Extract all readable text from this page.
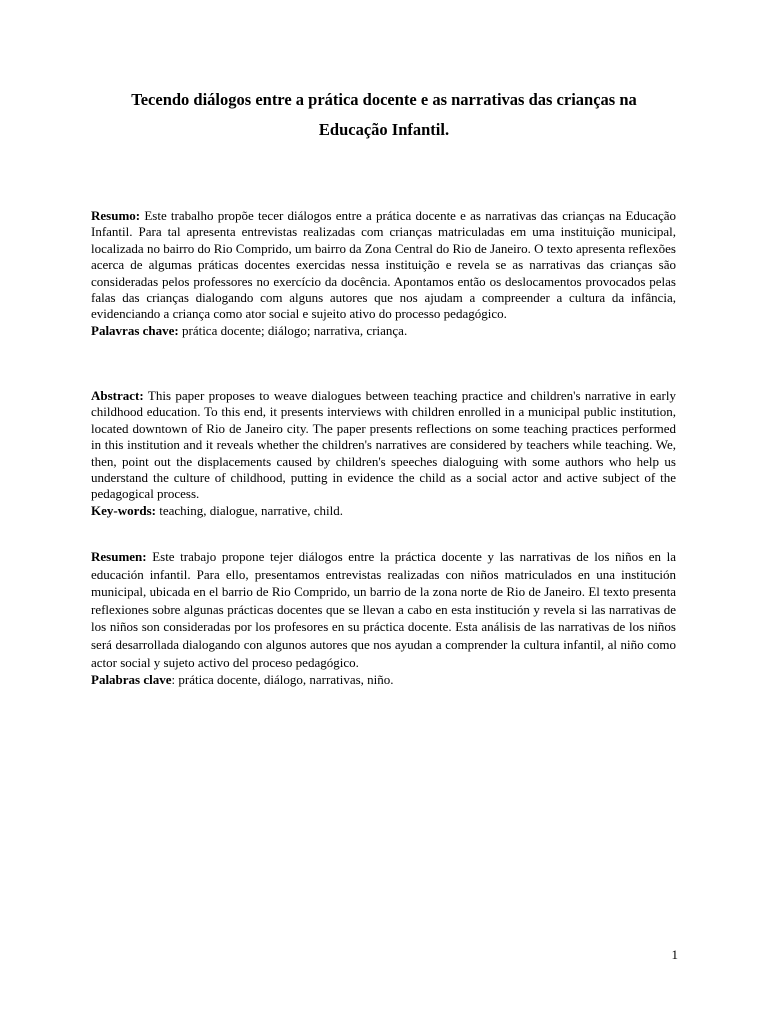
Tecendo diálogos entre a prática docente e as narrativas das crianças na
Educação Infantil.
Resumo: Este trabalho propõe tecer diálogos entre a prática docente e as narrativas das crianças na Educação Infantil. Para tal apresenta entrevistas realizadas com crianças matriculadas em uma instituição municipal, localizada no bairro do Rio Comprido, um bairro da Zona Central do Rio de Janeiro. O texto apresenta reflexões acerca de algumas práticas docentes exercidas nessa instituição e revela se as narrativas das crianças são consideradas pelos professores no exercício da docência. Apontamos então os deslocamentos provocados pelas falas das crianças dialogando com alguns autores que nos ajudam a compreender a cultura da infância, evidenciando a criança como ator social e sujeito ativo do processo pedagógico.
Palavras chave: prática docente; diálogo; narrativa, criança.
Abstract: This paper proposes to weave dialogues between teaching practice and children's narrative in early childhood education. To this end, it presents interviews with children enrolled in a municipal public institution, located downtown of Rio de Janeiro city. The paper presents reflections on some teaching practices performed in this institution and it reveals whether the children's narratives are considered by teachers while teaching. We, then, point out the displacements caused by children's speeches dialoguing with some authors who help us understand the culture of childhood, putting in evidence the child as a social actor and active subject of the pedagogical process.
Key-words: teaching, dialogue, narrative, child.
Resumen: Este trabajo propone tejer diálogos entre la práctica docente y las narrativas de los niños en la educación infantil. Para ello, presentamos entrevistas realizadas con niños matriculados en una institución municipal, ubicada en el barrio de Rio Comprido, un barrio de la zona norte de Rio de Janeiro. El texto presenta reflexiones sobre algunas prácticas docentes que se llevan a cabo en esta institución y revela si las narrativas de los niños son consideradas por los profesores en su práctica docente. Esta análisis de las narrativas de los niños será desarrollada dialogando con algunos autores que nos ayudan a comprender la cultura infantil, al niño como actor social y sujeto activo del proceso pedagógico.
Palabras clave: prática docente, diálogo, narrativas, niño.
1
